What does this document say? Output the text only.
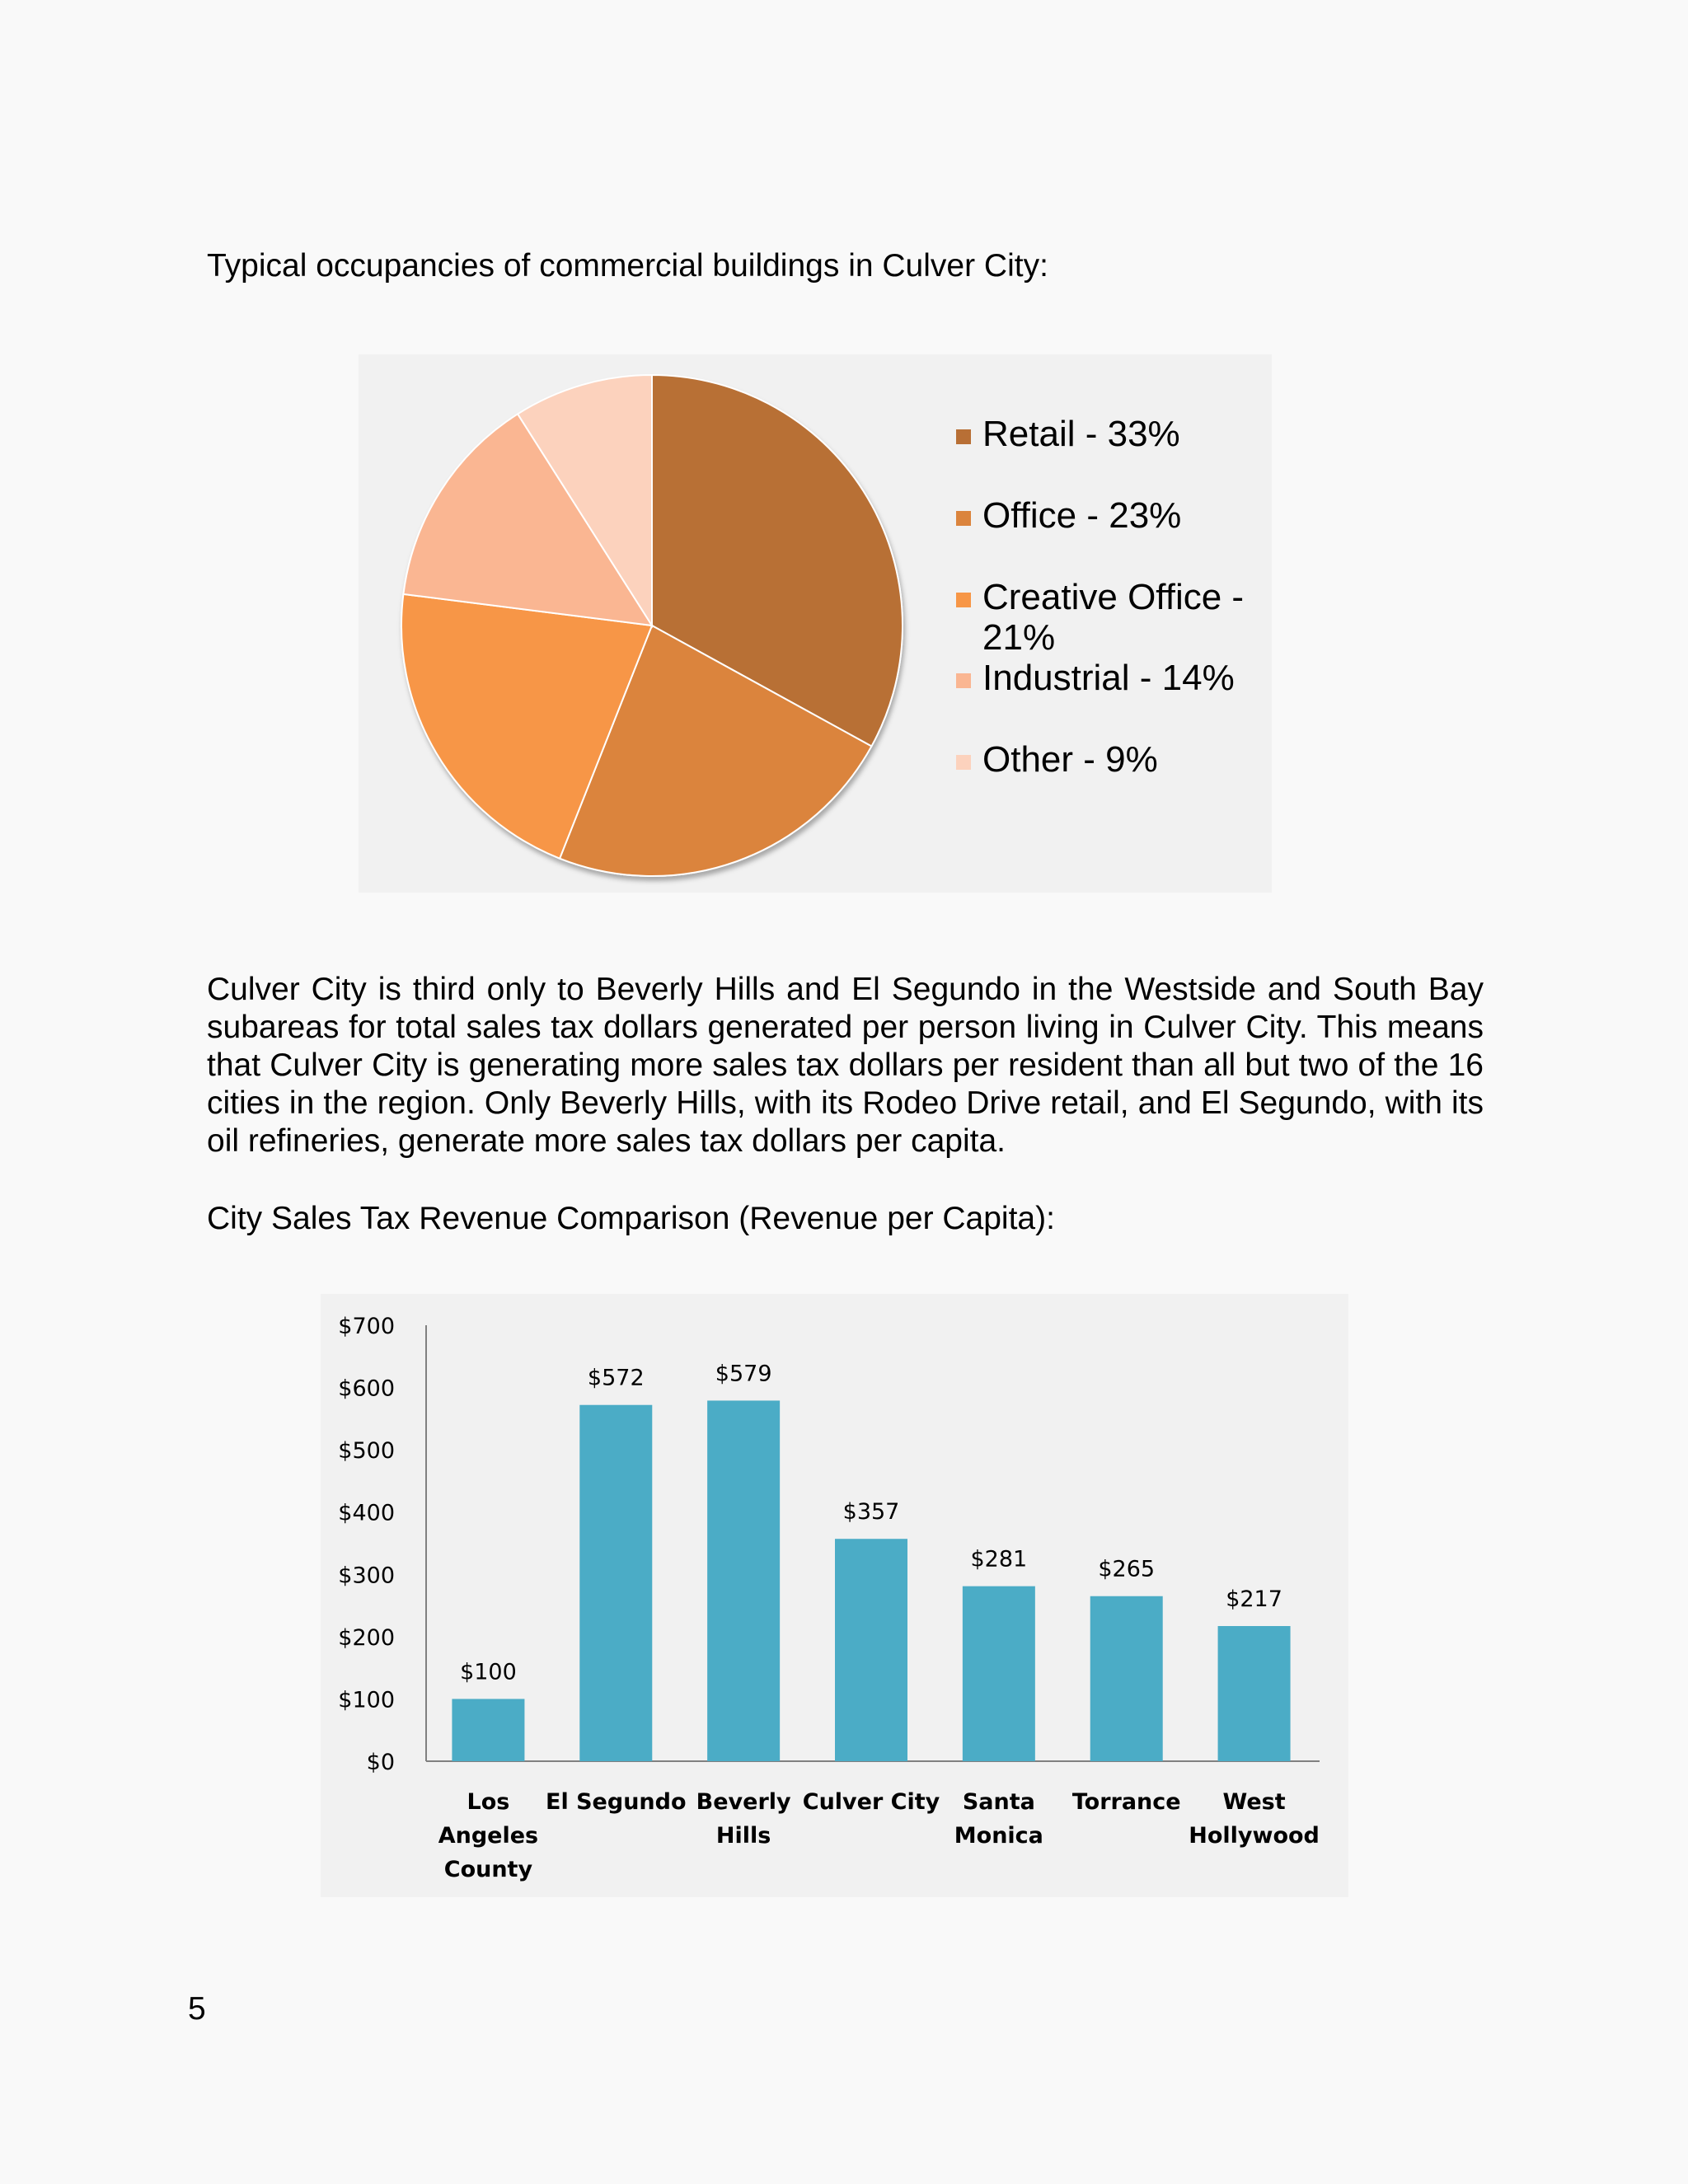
Typical occupancies of commercial buildings in Culver City:
Retail - 33%
Office - 23%
Creative Office - 21%
Industrial - 14%
Other - 9%
Culver City is third only to Beverly Hills and El Segundo in the Westside and South Bay subareas for total sales tax dollars generated per person living in Culver City. This means that Culver City is generating more sales tax dollars per resident than all but two of the 16 cities in the region. Only Beverly Hills, with its Rodeo Drive retail, and El Segundo, with its oil refineries, generate more sales tax dollars per capita.
City Sales Tax Revenue Comparison (Revenue per Capita):
$0
$100
$200
$300
$400
$500
$600
$700
$100
Los
Angeles
County
$572
El Segundo
$579
Beverly
Hills
$357
Culver City
$281
Santa
Monica
$265
Torrance
$217
West
Hollywood
5
